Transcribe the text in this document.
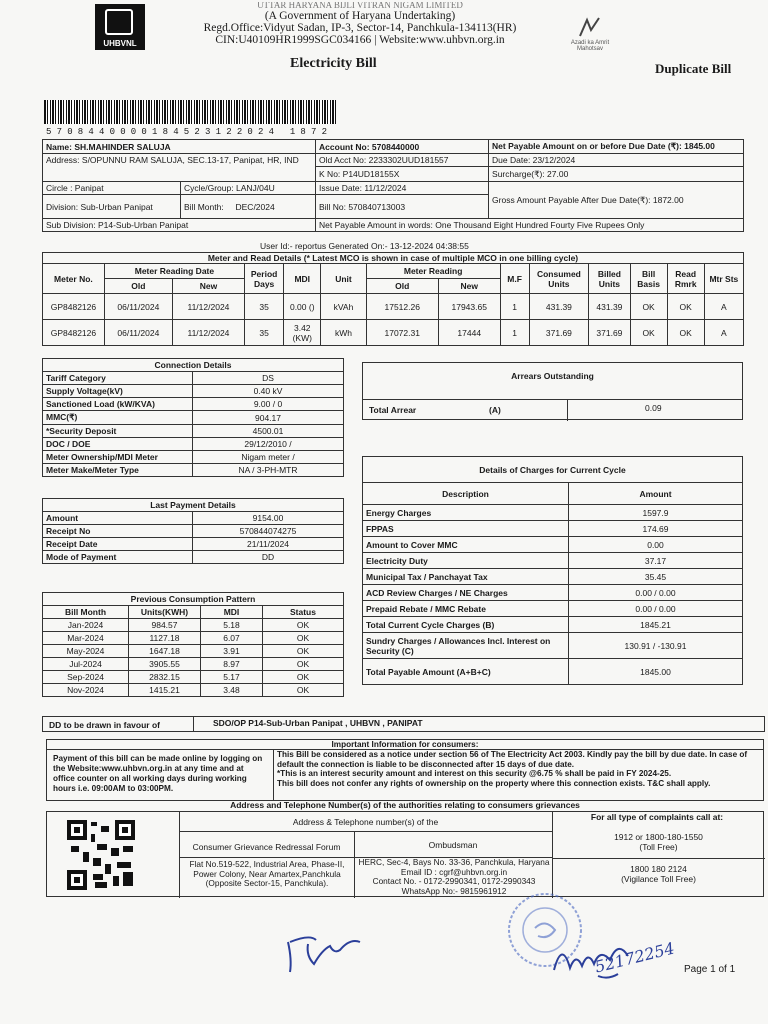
UHBVNL
UTTAR HARYANA BIJLI VITRAN NIGAM LIMITED
(A Government of Haryana Undertaking)
Regd.Office:Vidyut Sadan, IP-3, Sector-14, Panchkula-134113(HR)
CIN:U40109HR1999SGC034166 | Website:www.uhbvn.org.in
Electricity Bill	Duplicate Bill
Azadi ka Amrit Mahotsav
5708440000184523122024 1872
Name: SH.MAHINDER SALUJA		Account No: 5708440000	Net Payable Amount on or before Due Date (₹): 1845.00
Address: S/OPUNNU RAM SALUJA, SEC.13-17, Panipat, HR, IND		Old Acct No: 2233302UUD181557	Due Date: 23/12/2024
		K No: P14UD18155X	Surcharge(₹): 27.00
Circle : Panipat	Cycle/Group: LANJ/04U	Issue Date: 11/12/2024	Gross Amount Payable After Due Date(₹): 1872.00
Division: Sub-Urban Panipat	Bill Month: DEC/2024	Bill No: 570840713003	
Sub Division: P14-Sub-Urban Panipat		Net Payable Amount in words: One Thousand Eight Hundred Fourty Five Rupees Only	
User Id:- reportus Generated On:- 13-12-2024 04:38:55
Meter and Read Details (* Latest MCO is shown in case of multiple MCO in one billing cycle)
Meter No.	Meter Reading Date		Period Days	MDI	Unit	Meter Reading		M.F	Consumed Units	Billed Units	Bill Basis	Read Rmrk	Mtr Sts
	Old	New				Old	New						
GP8482126	06/11/2024	11/12/2024	35	0.00 ()	kVAh	17512.26	17943.65	1	431.39	431.39	OK	OK	A
GP8482126	06/11/2024	11/12/2024	35	3.42 (KW)	kWh	17072.31	17444	1	371.69	371.69	OK	OK	A
Connection Details	
Tariff Category	DS
Supply Voltage(kV)	0.40 kV
Sanctioned Load (kW/KVA)	9.00 / 0
MMC(₹)	904.17
*Security Deposit	4500.01
DOC / DOE	29/12/2010 /
Meter Ownership/MDI Meter	Nigam meter /
Meter Make/Meter Type	NA / 3-PH-MTR
Arrears Outstanding
Total Arrear	(A)	0.09
Last Payment Details	
Amount	9154.00
Receipt No	570844074275
Receipt Date	21/11/2024
Mode of Payment	DD
Details of Charges for Current Cycle	
Description	Amount
Energy Charges	1597.9
FPPAS	174.69
Amount to Cover MMC	0.00
Electricity Duty	37.17
Municipal Tax / Panchayat Tax	35.45
ACD Review Charges / NE Charges	0.00 / 0.00
Prepaid Rebate / MMC Rebate	0.00 / 0.00
Total Current Cycle Charges (B)	1845.21
Sundry Charges / Allowances Incl. Interest on Security (C)	130.91 / -130.91
Total Payable Amount (A+B+C)	1845.00
Previous Consumption Pattern			
Bill Month	Units(KWH)	MDI	Status
Jan-2024	984.57	5.18	OK
Mar-2024	1127.18	6.07	OK
May-2024	1647.18	3.91	OK
Jul-2024	3905.55	8.97	OK
Sep-2024	2832.15	5.17	OK
Nov-2024	1415.21	3.48	OK
DD to be drawn in favour of	SDO/OP P14-Sub-Urban Panipat , UHBVN , PANIPAT
Important Information for consumers:
Payment of this bill can be made online by logging on the Website:www.uhbvn.org.in at any time and at office counter on all working days during working hours i.e. 09:00AM to 03:00PM.
This Bill be considered as a notice under section 56 of The Electricity Act 2003. Kindly pay the bill by due date. In case of default the connection is liable to be disconnected after 15 days of due date.
*This is an interest security amount and interest on this security @6.75 % shall be paid in FY 2024-25.
This bill does not confer any rights of ownership on the property where this connection exists. T&C shall apply.
Address and Telephone Number(s) of the authorities relating to consumers grievances
Address & Telephone number(s) of the
Consumer Grievance Redressal Forum	Ombudsman
For all type of complaints call at:
1912 or 1800-180-1550
(Toll Free)
Flat No.519-522, Industrial Area, Phase-II, Power Colony, Near Amartex,Panchkula (Opposite Sector-15, Panchkula).
HERC, Sec-4, Bays No. 33-36, Panchkula, Haryana
Email ID : cgrf@uhbvn.org.in
Contact No. - 0172-2990341, 0172-2990343
WhatsApp No:- 9815961912
1800 180 2124
(Vigilance Toll Free)
52172254 Page 1 of 1
